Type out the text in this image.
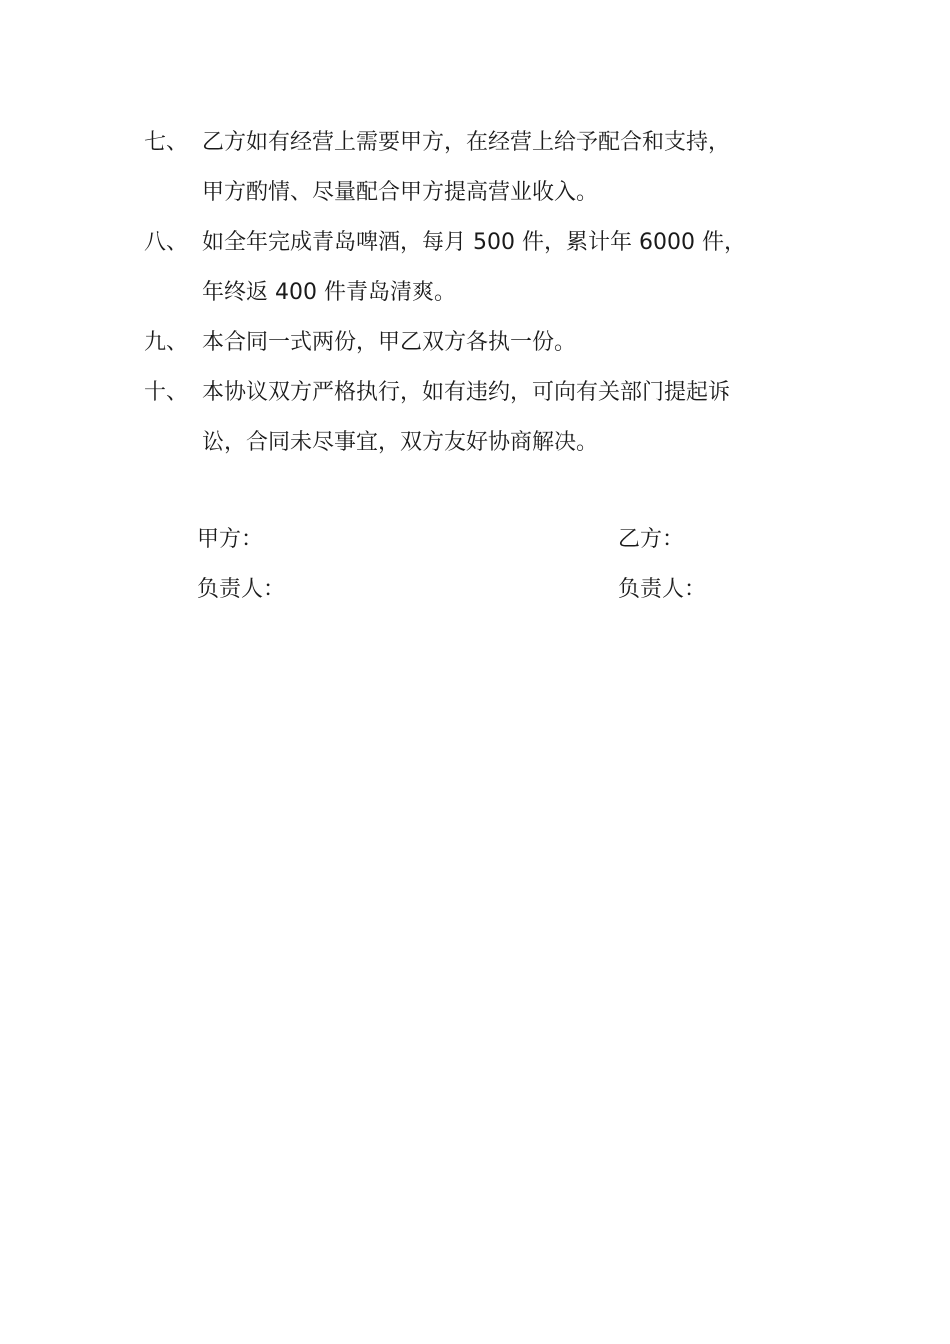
七、 乙方如有经营上需要甲方，在经营上给予配合和支持，
甲方酌情、尽量配合甲方提高营业收入。
八、 如全年完成青岛啤酒，每月 500 件，累计年 6000 件，
年终返 400 件青岛清爽。
九、 本合同一式两份，甲乙双方各执一份。
十、 本协议双方严格执行，如有违约，可向有关部门提起诉
讼，合同未尽事宜，双方友好协商解决。
甲方：	乙方：
负责人：	负责人：
